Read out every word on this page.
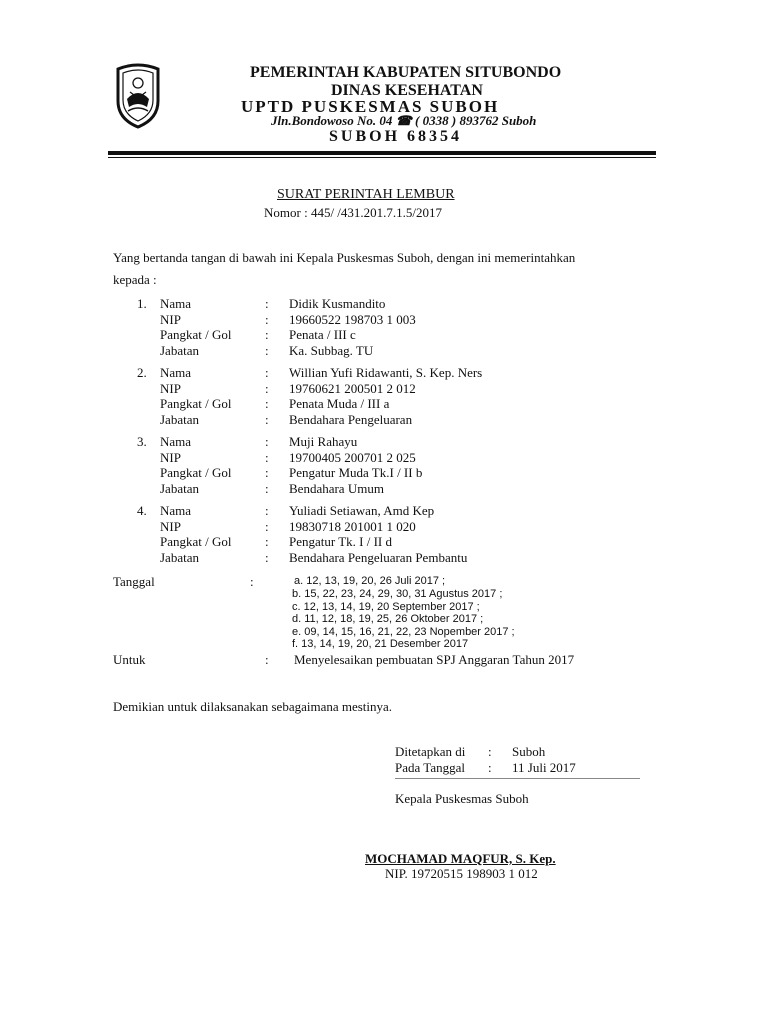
PEMERINTAH KABUPATEN SITUBONDO
DINAS KESEHATAN
UPTD PUSKESMAS SUBOH
Jln.Bondowoso No. 04 ☎ ( 0338 ) 893762 Suboh
SUBOH 68354
SURAT PERINTAH LEMBUR
Nomor : 445/ /431.201.7.1.5/2017
Yang bertanda tangan di bawah ini Kepala Puskesmas Suboh, dengan ini memerintahkan
kepada :
1. Nama	: Didik Kusmandito
NIP	: 19660522 198703 1 003
Pangkat / Gol	: Penata / III c
Jabatan	: Ka. Subbag. TU
2. Nama	: Willian Yufi Ridawanti, S. Kep. Ners
NIP	: 19760621 200501 2 012
Pangkat / Gol	: Penata Muda / III a
Jabatan	: Bendahara Pengeluaran
3. Nama	: Muji Rahayu
NIP	: 19700405 200701 2 025
Pangkat / Gol	: Pengatur Muda Tk.I / II b
Jabatan	: Bendahara Umum
4. Nama	: Yuliadi Setiawan, Amd Kep
NIP	: 19830718 201001 1 020
Pangkat / Gol	: Pengatur Tk. I / II d
Jabatan	: Bendahara Pengeluaran Pembantu
Tanggal	:	a. 12, 13, 19, 20, 26 Juli 2017 ;
b. 15, 22, 23, 24, 29, 30, 31 Agustus 2017 ;
c. 12, 13, 14, 19, 20 September 2017 ;
d. 11, 12, 18, 19, 25, 26 Oktober 2017 ;
e. 09, 14, 15, 16, 21, 22, 23 Nopember 2017 ;
f. 13, 14, 19, 20, 21 Desember 2017
Untuk	: Menyelesaikan pembuatan SPJ Anggaran Tahun 2017
Demikian untuk dilaksanakan sebagaimana mestinya.
Ditetapkan di : Suboh
Pada Tanggal : 11 Juli 2017
Kepala Puskesmas Suboh
MOCHAMAD MAQFUR, S. Kep.
NIP. 19720515 198903 1 012
